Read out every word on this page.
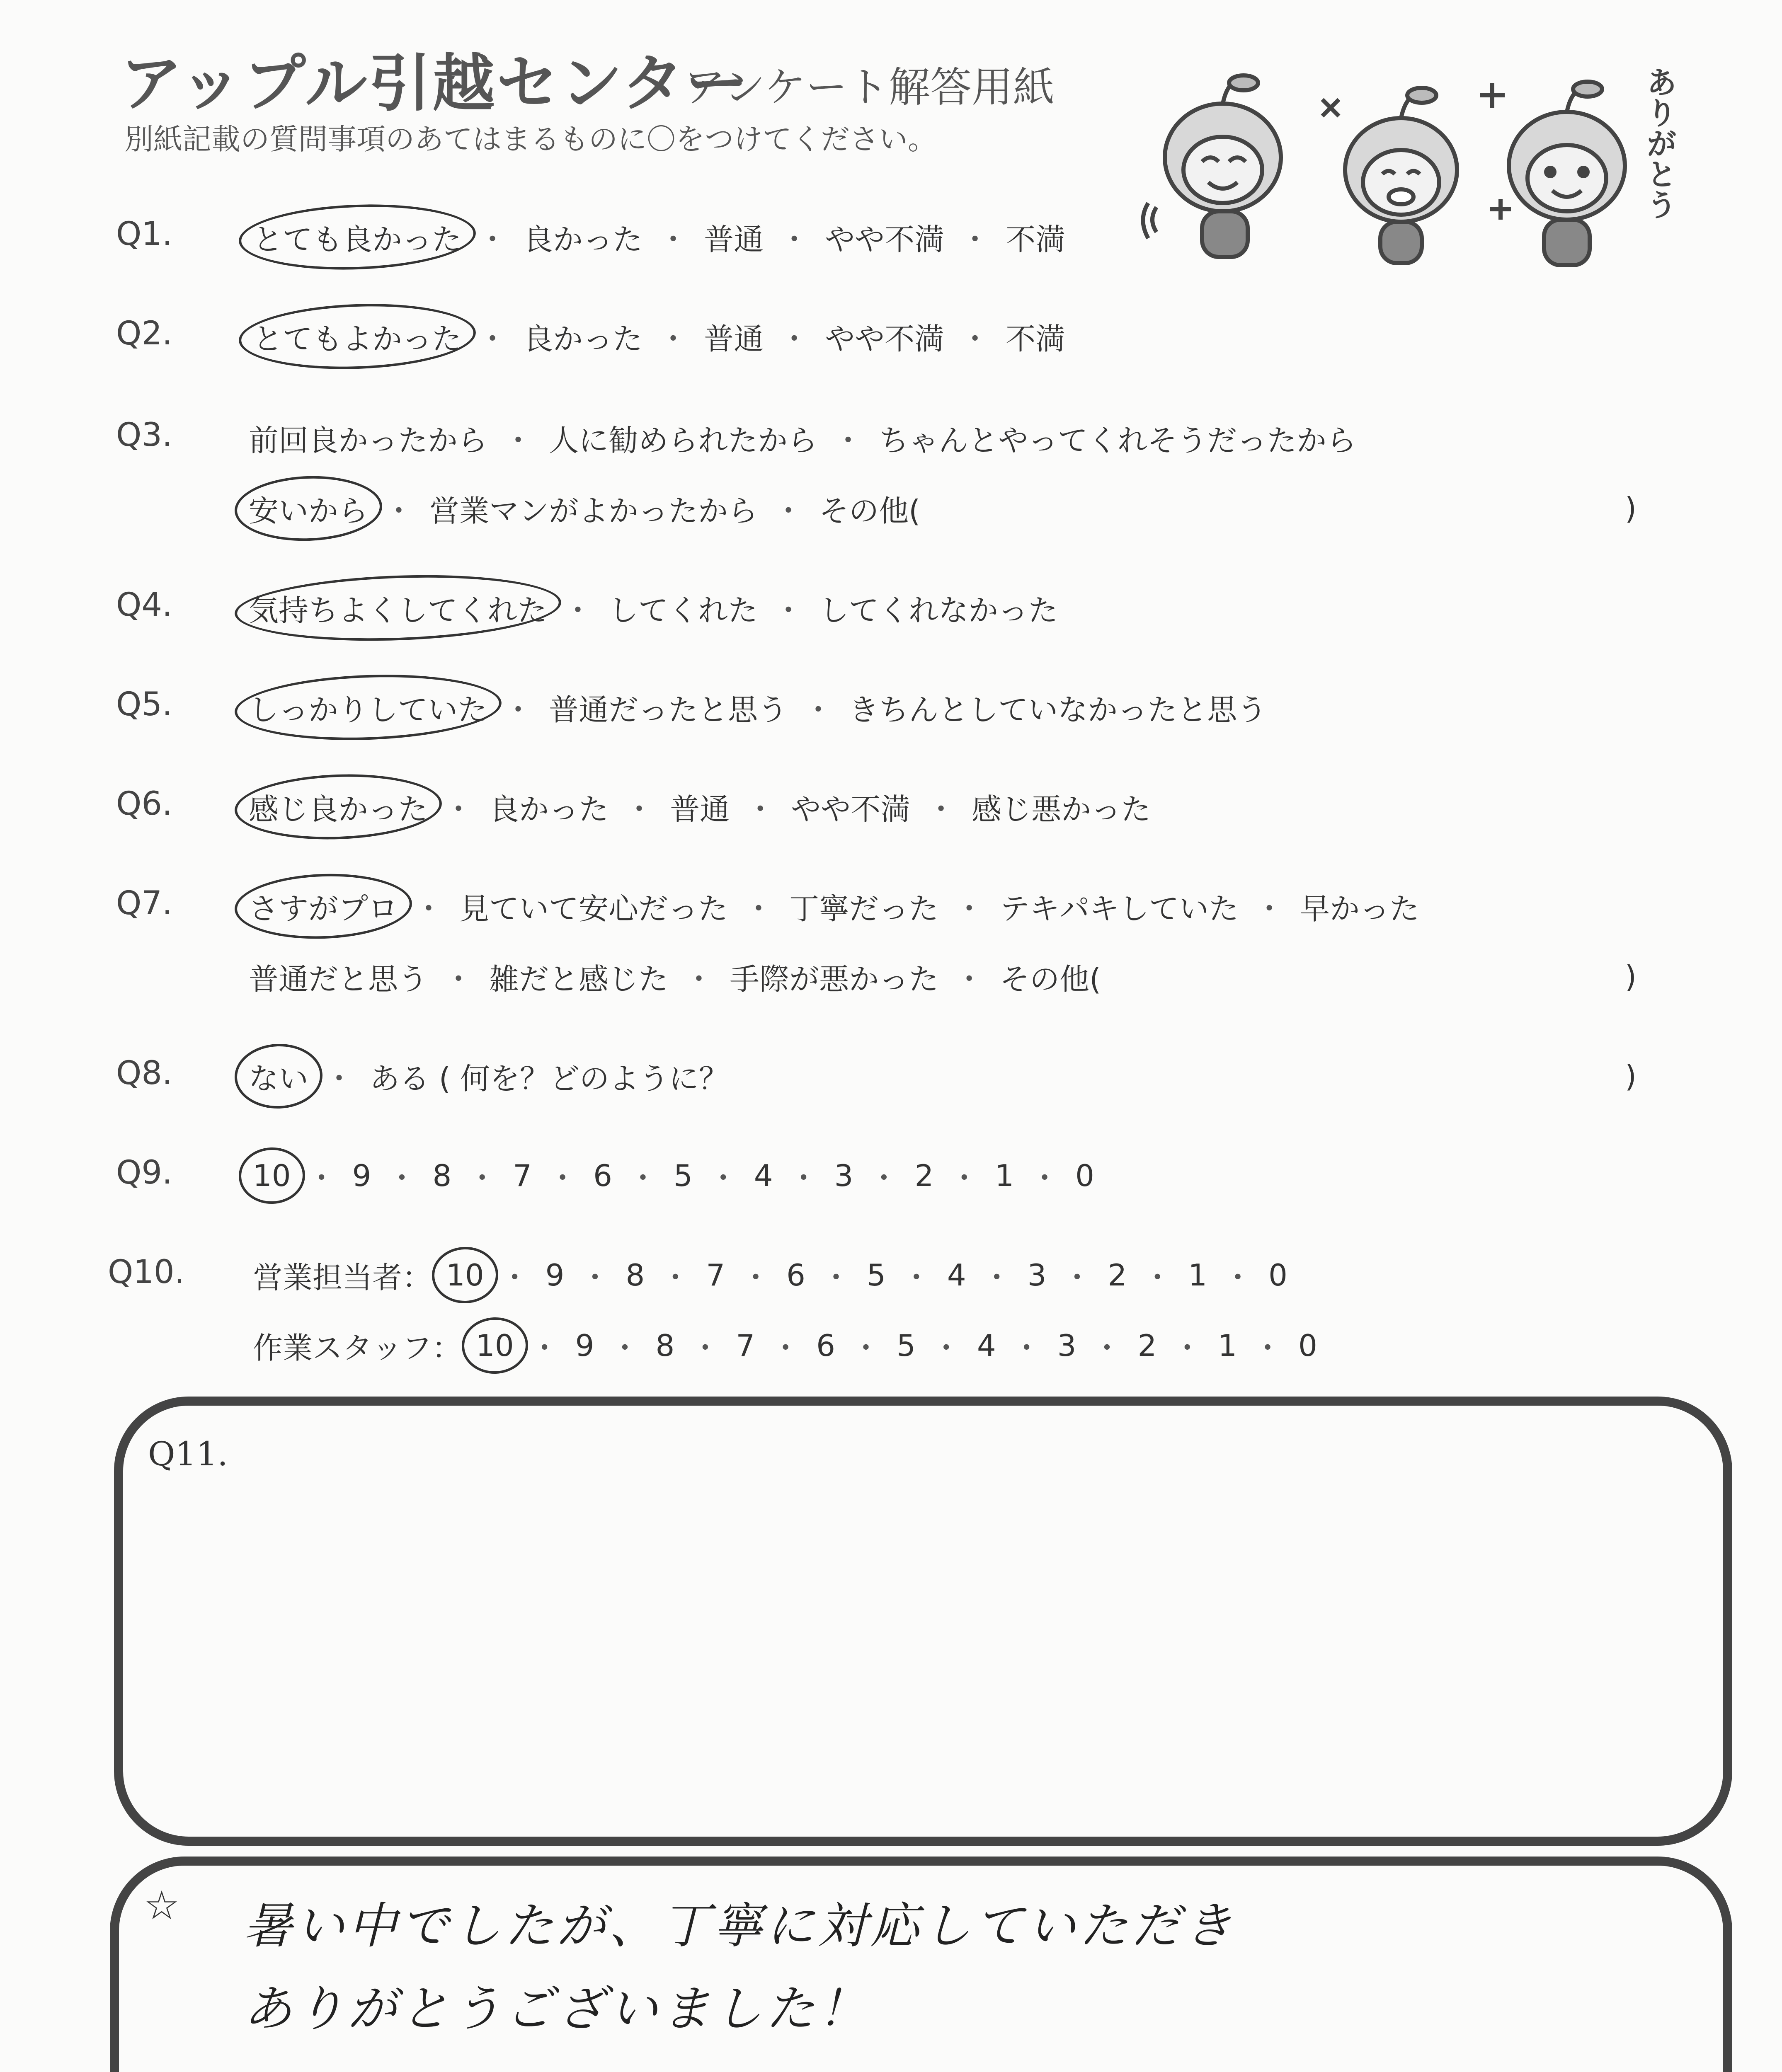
アップル引越センター
アンケート解答用紙
別紙記載の質問事項のあてはまるものに〇をつけてください。	ありがとう
Q1.	とても良かった ・ 良かった ・ 普通 ・ やや不満 ・ 不満
Q2.	とてもよかった ・ 良かった ・ 普通 ・ やや不満 ・ 不満
Q3.	前回良かったから ・ 人に勧められたから ・ ちゃんとやってくれそうだったから
安いから ・ 営業マンがよかったから ・ その他(	)
Q4.	気持ちよくしてくれた ・ してくれた ・ してくれなかった
Q5.	しっかりしていた ・ 普通だったと思う ・ きちんとしていなかったと思う
Q6.	感じ良かった ・ 良かった ・ 普通 ・ やや不満 ・ 感じ悪かった
Q7.	さすがプロ ・ 見ていて安心だった ・ 丁寧だった ・ テキパキしていた ・ 早かった
普通だと思う ・ 雑だと感じた ・ 手際が悪かった ・ その他(	)
Q8.	ない ・ ある ( 何を？どのように？	)
Q9.	10 ・ 9 ・ 8 ・ 7 ・ 6 ・ 5 ・ 4 ・ 3 ・ 2 ・ 1 ・ 0
Q10. 営業担当者 ： 10 ・ 9 ・ 8 ・ 7 ・ 6 ・ 5 ・ 4 ・ 3 ・ 2 ・ 1 ・ 0
作業スタッフ ： 10 ・ 9 ・ 8 ・ 7 ・ 6 ・ 5 ・ 4 ・ 3 ・ 2 ・ 1 ・ 0
Q11.
☆ 暑い中でしたが、丁寧に対応していただき
ありがとうございました！
